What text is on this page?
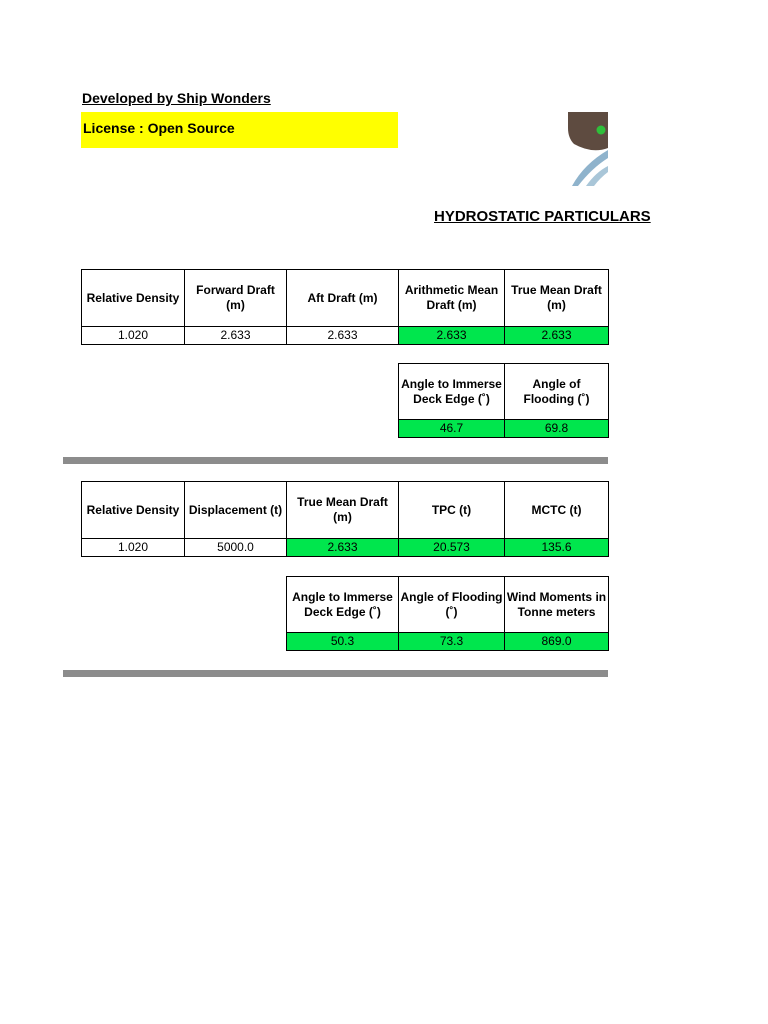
Developed by Ship Wonders
License : Open Source
HYDROSTATIC PARTICULARS
Relative Density	Forward Draft (m)	Aft Draft (m)	Arithmetic Mean Draft (m)	True Mean Draft (m)
1.020	2.633	2.633	2.633	2.633
Angle to Immerse Deck Edge (˚)	Angle of Flooding (˚)
46.7	69.8
Relative Density	Displacement (t)	True Mean Draft (m)	TPC (t)	MCTC (t)
1.020	5000.0	2.633	20.573	135.6
Angle to Immerse Deck Edge (˚)	Angle of Flooding (˚)	Wind Moments in Tonne meters
50.3	73.3	869.0
